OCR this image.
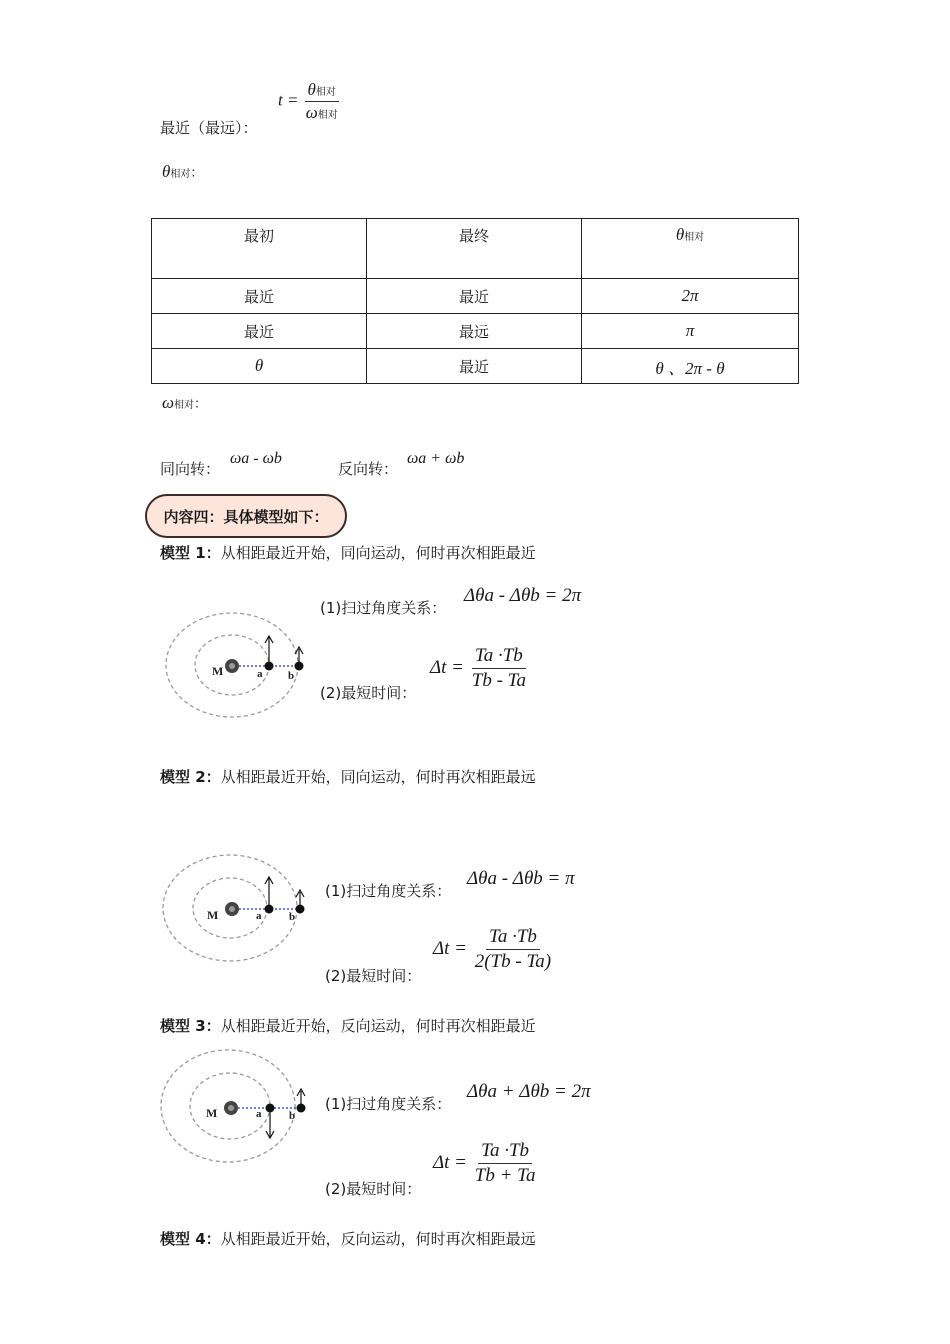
$t = \frac{\text{θ相对}}{\text{ω相对}}$
最近（最远）：
θ相对：
最初	最终	θ相对
最近	最近	2π
最近	最远	π
θ	最近	θ 、2π - θ
ω相对：
同向转：
ωa - ωb
反向转：
ωa + ωb
内容四：具体模型如下：
模型 1：从相距最近开始，同向运动，何时再次相距最近
M	a b
(1)扫过角度关系：
Δθa - Δθb = 2π
$\Delta t = \frac{Ta \cdot Tb}{Tb - Ta}$
(2)最短时间：
模型 2：从相距最近开始，同向运动，何时再次相距最远
M	a	b
(1)扫过角度关系：
Δθa - Δθb = π
$\Delta t = \frac{Ta \cdot Tb}{2(Tb - Ta)}$
(2)最短时间：
模型 3：从相距最近开始，反向运动，何时再次相距最近
M	a	b
(1)扫过角度关系：
Δθa + Δθb = 2π
$\Delta t = \frac{Ta \cdot Tb}{Tb + Ta}$
(2)最短时间：
模型 4：从相距最近开始，反向运动，何时再次相距最远
